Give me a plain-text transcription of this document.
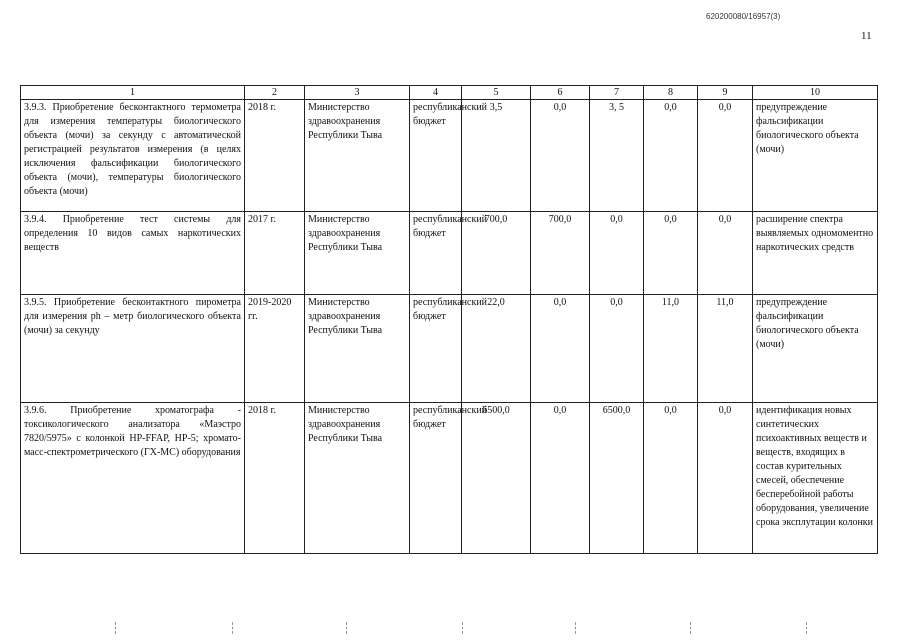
620200080/16957(3)
11
1	2	3	4	5	6	7	8	9	10
3.9.3. Приобретение бесконтактного термометра для измерения температуры биологического объекта (мочи) за секунду с автоматической регистрацией результатов измерения (в целях исключения фальсификации биологического объекта (мочи), температуры биологического объекта (мочи)	2018 г.	Министерство здравоохранения Республики Тыва	республиканский бюджет	3,5	0,0	3, 5	0,0	0,0	предупреждение фальсификации биологического объекта (мочи)
3.9.4. Приобретение тест системы для определения 10 видов самых наркотических веществ	2017 г.	Министерство здравоохранения Республики Тыва	республиканский бюджет	700,0	700,0	0,0	0,0	0,0	расширение спектра выявляемых одномоментно наркотических средств
3.9.5. Приобретение бесконтактного пирометра для измерения ph – метр биологического объекта (мочи) за секунду	2019-2020 гг.	Министерство здравоохранения Республики Тыва	республиканский бюджет	22,0	0,0	0,0	11,0	11,0	предупреждение фальсификации биологического объекта (мочи)
3.9.6. Приобретение хроматографа - токсикологического анализатора «Маэстро 7820/5975» с колонкой HP-FFAP, HP-5; хромато-масс-спектрометрического (ГХ-МС) оборудования	2018 г.	Министерство здравоохранения Республики Тыва	республиканский бюджет	6500,0	0,0	6500,0	0,0	0,0	идентификация новых синтетических психоактивных веществ и веществ, входящих в состав курительных смесей, обеспечение бесперебойной работы оборудования, увеличение срока эксплутации колонки
